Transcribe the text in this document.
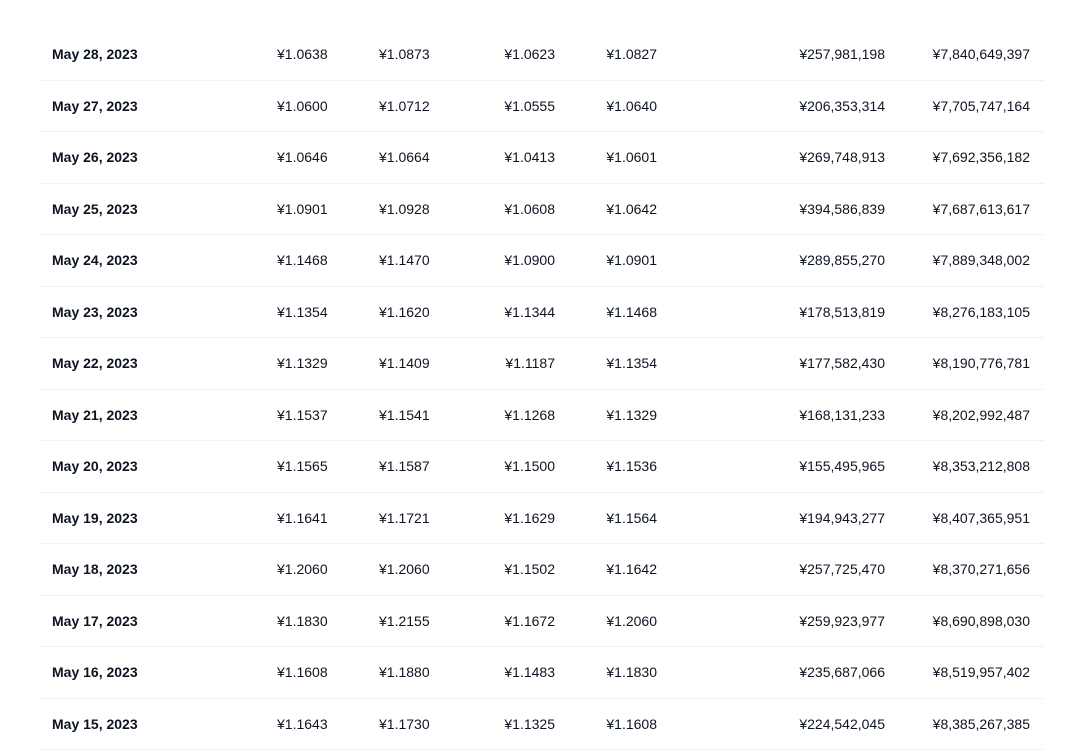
May 28, 2023	¥1.0638	¥1.0873	¥1.0623	¥1.0827	¥257,981,198	¥7,840,649,397
May 27, 2023	¥1.0600	¥1.0712	¥1.0555	¥1.0640	¥206,353,314	¥7,705,747,164
May 26, 2023	¥1.0646	¥1.0664	¥1.0413	¥1.0601	¥269,748,913	¥7,692,356,182
May 25, 2023	¥1.0901	¥1.0928	¥1.0608	¥1.0642	¥394,586,839	¥7,687,613,617
May 24, 2023	¥1.1468	¥1.1470	¥1.0900	¥1.0901	¥289,855,270	¥7,889,348,002
May 23, 2023	¥1.1354	¥1.1620	¥1.1344	¥1.1468	¥178,513,819	¥8,276,183,105
May 22, 2023	¥1.1329	¥1.1409	¥1.1187	¥1.1354	¥177,582,430	¥8,190,776,781
May 21, 2023	¥1.1537	¥1.1541	¥1.1268	¥1.1329	¥168,131,233	¥8,202,992,487
May 20, 2023	¥1.1565	¥1.1587	¥1.1500	¥1.1536	¥155,495,965	¥8,353,212,808
May 19, 2023	¥1.1641	¥1.1721	¥1.1629	¥1.1564	¥194,943,277	¥8,407,365,951
May 18, 2023	¥1.2060	¥1.2060	¥1.1502	¥1.1642	¥257,725,470	¥8,370,271,656
May 17, 2023	¥1.1830	¥1.2155	¥1.1672	¥1.2060	¥259,923,977	¥8,690,898,030
May 16, 2023	¥1.1608	¥1.1880	¥1.1483	¥1.1830	¥235,687,066	¥8,519,957,402
May 15, 2023	¥1.1643	¥1.1730	¥1.1325	¥1.1608	¥224,542,045	¥8,385,267,385
